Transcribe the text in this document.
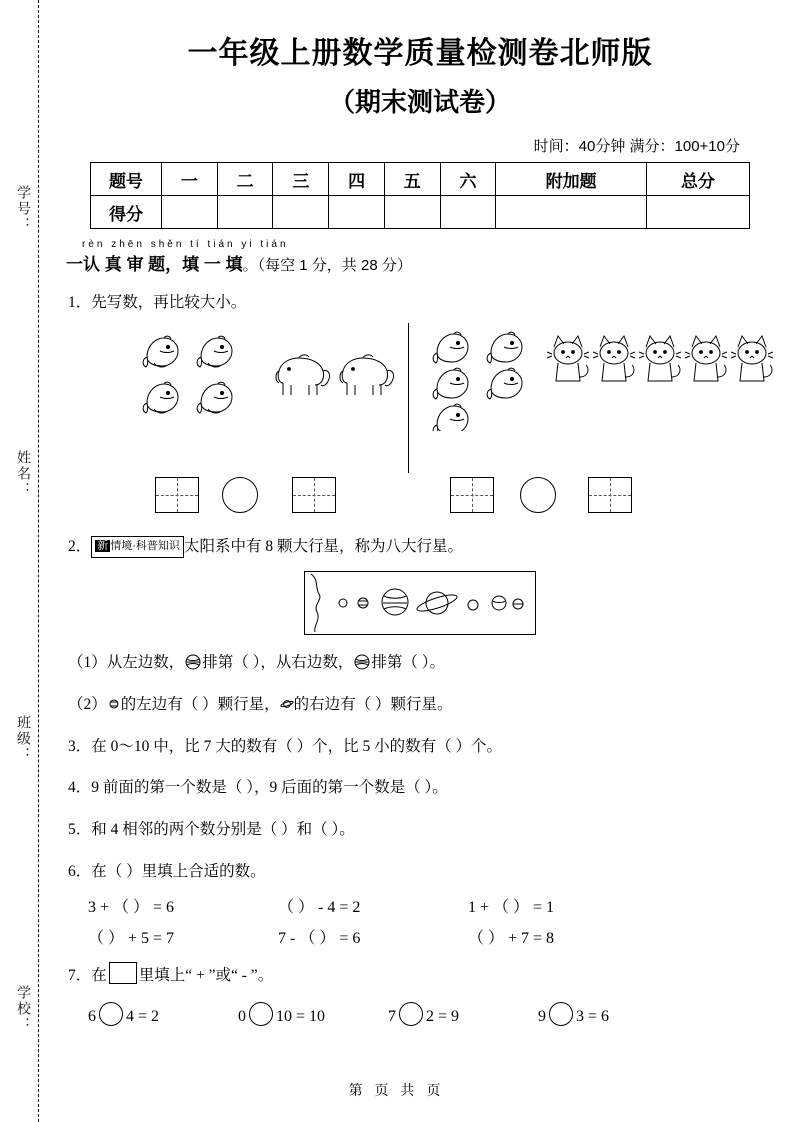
学号：
姓名：
班级：
学校：
一年级上册数学质量检测卷北师版
（期末测试卷）
时间：40分钟 满分：100+10分
题号	一	二	三	四	五	六	附加题	总分
得分								
rèn zhēn shěn tí tián yi tián
一认 真 审 题，填 一 填。（每空 1 分，共 28 分）
1．先写数，再比较大小。
2． 新 情境·科普知识 太阳系中有 8 颗大行星，称为八大行星。
（1）从左边数， 排第（ ），从右边数， 排第（ ）。
（2） 的左边有（ ）颗行星， 的右边有（ ）颗行星。
3．在 0～10 中，比 7 大的数有（ ）个，比 5 小的数有（ ）个。
4．9 前面的第一个数是（ ），9 后面的第一个数是（ ）。
5．和 4 相邻的两个数分别是（ ）和（ ）。
6．在（ ）里填上合适的数。
3 + （ ） = 6	（ ） - 4 = 2	1 + （ ） = 1
（ ） + 5 = 7	7 - （ ） = 6	（ ） + 7 = 8
7．在 里填上“ + ”或“ - ”。
6 4 = 2	0 10 = 10	7 2 = 9	9 3 = 6
第 页 共 页
